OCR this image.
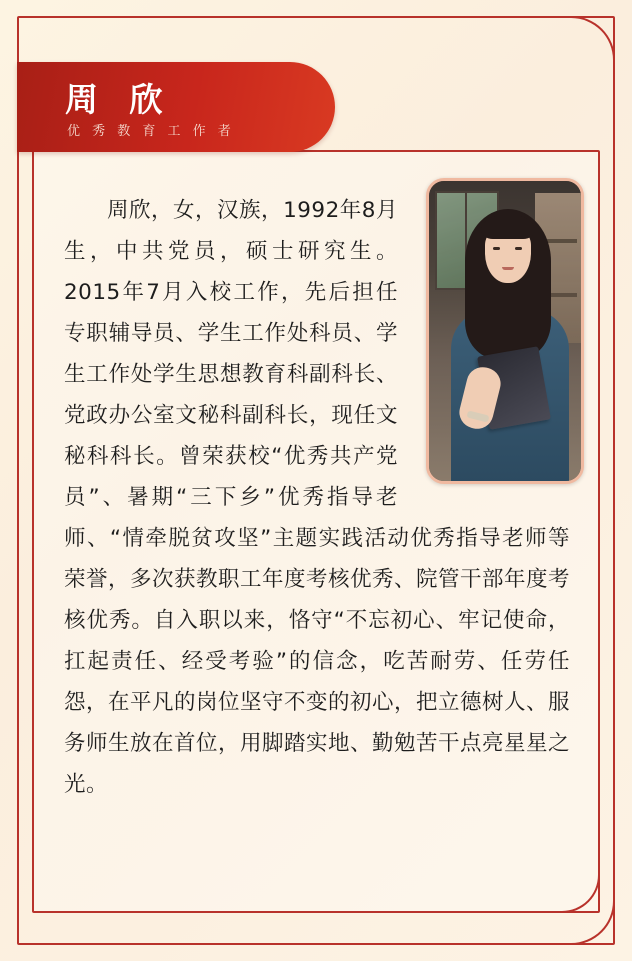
周 欣
优 秀 教 育 工 作 者

周欣，女，汉族，1992年8月生，中共党员，硕士研究生。2015年7月入校工作，先后担任专职辅导员、学生工作处科员、学生工作处学生思想教育科副科长、党政办公室文秘科副科长，现任文秘科科长。曾荣获校“优秀共产党员”、暑期“三下乡”优秀指导老师、“情牵脱贫攻坚”主题实践活动优秀指导老师等荣誉，多次获教职工年度考核优秀、院管干部年度考核优秀。自入职以来，恪守“不忘初心、牢记使命，扛起责任、经受考验”的信念，吃苦耐劳、任劳任怨，在平凡的岗位坚守不变的初心，把立德树人、服务师生放在首位，用脚踏实地、勤勉苦干点亮星星之光。
